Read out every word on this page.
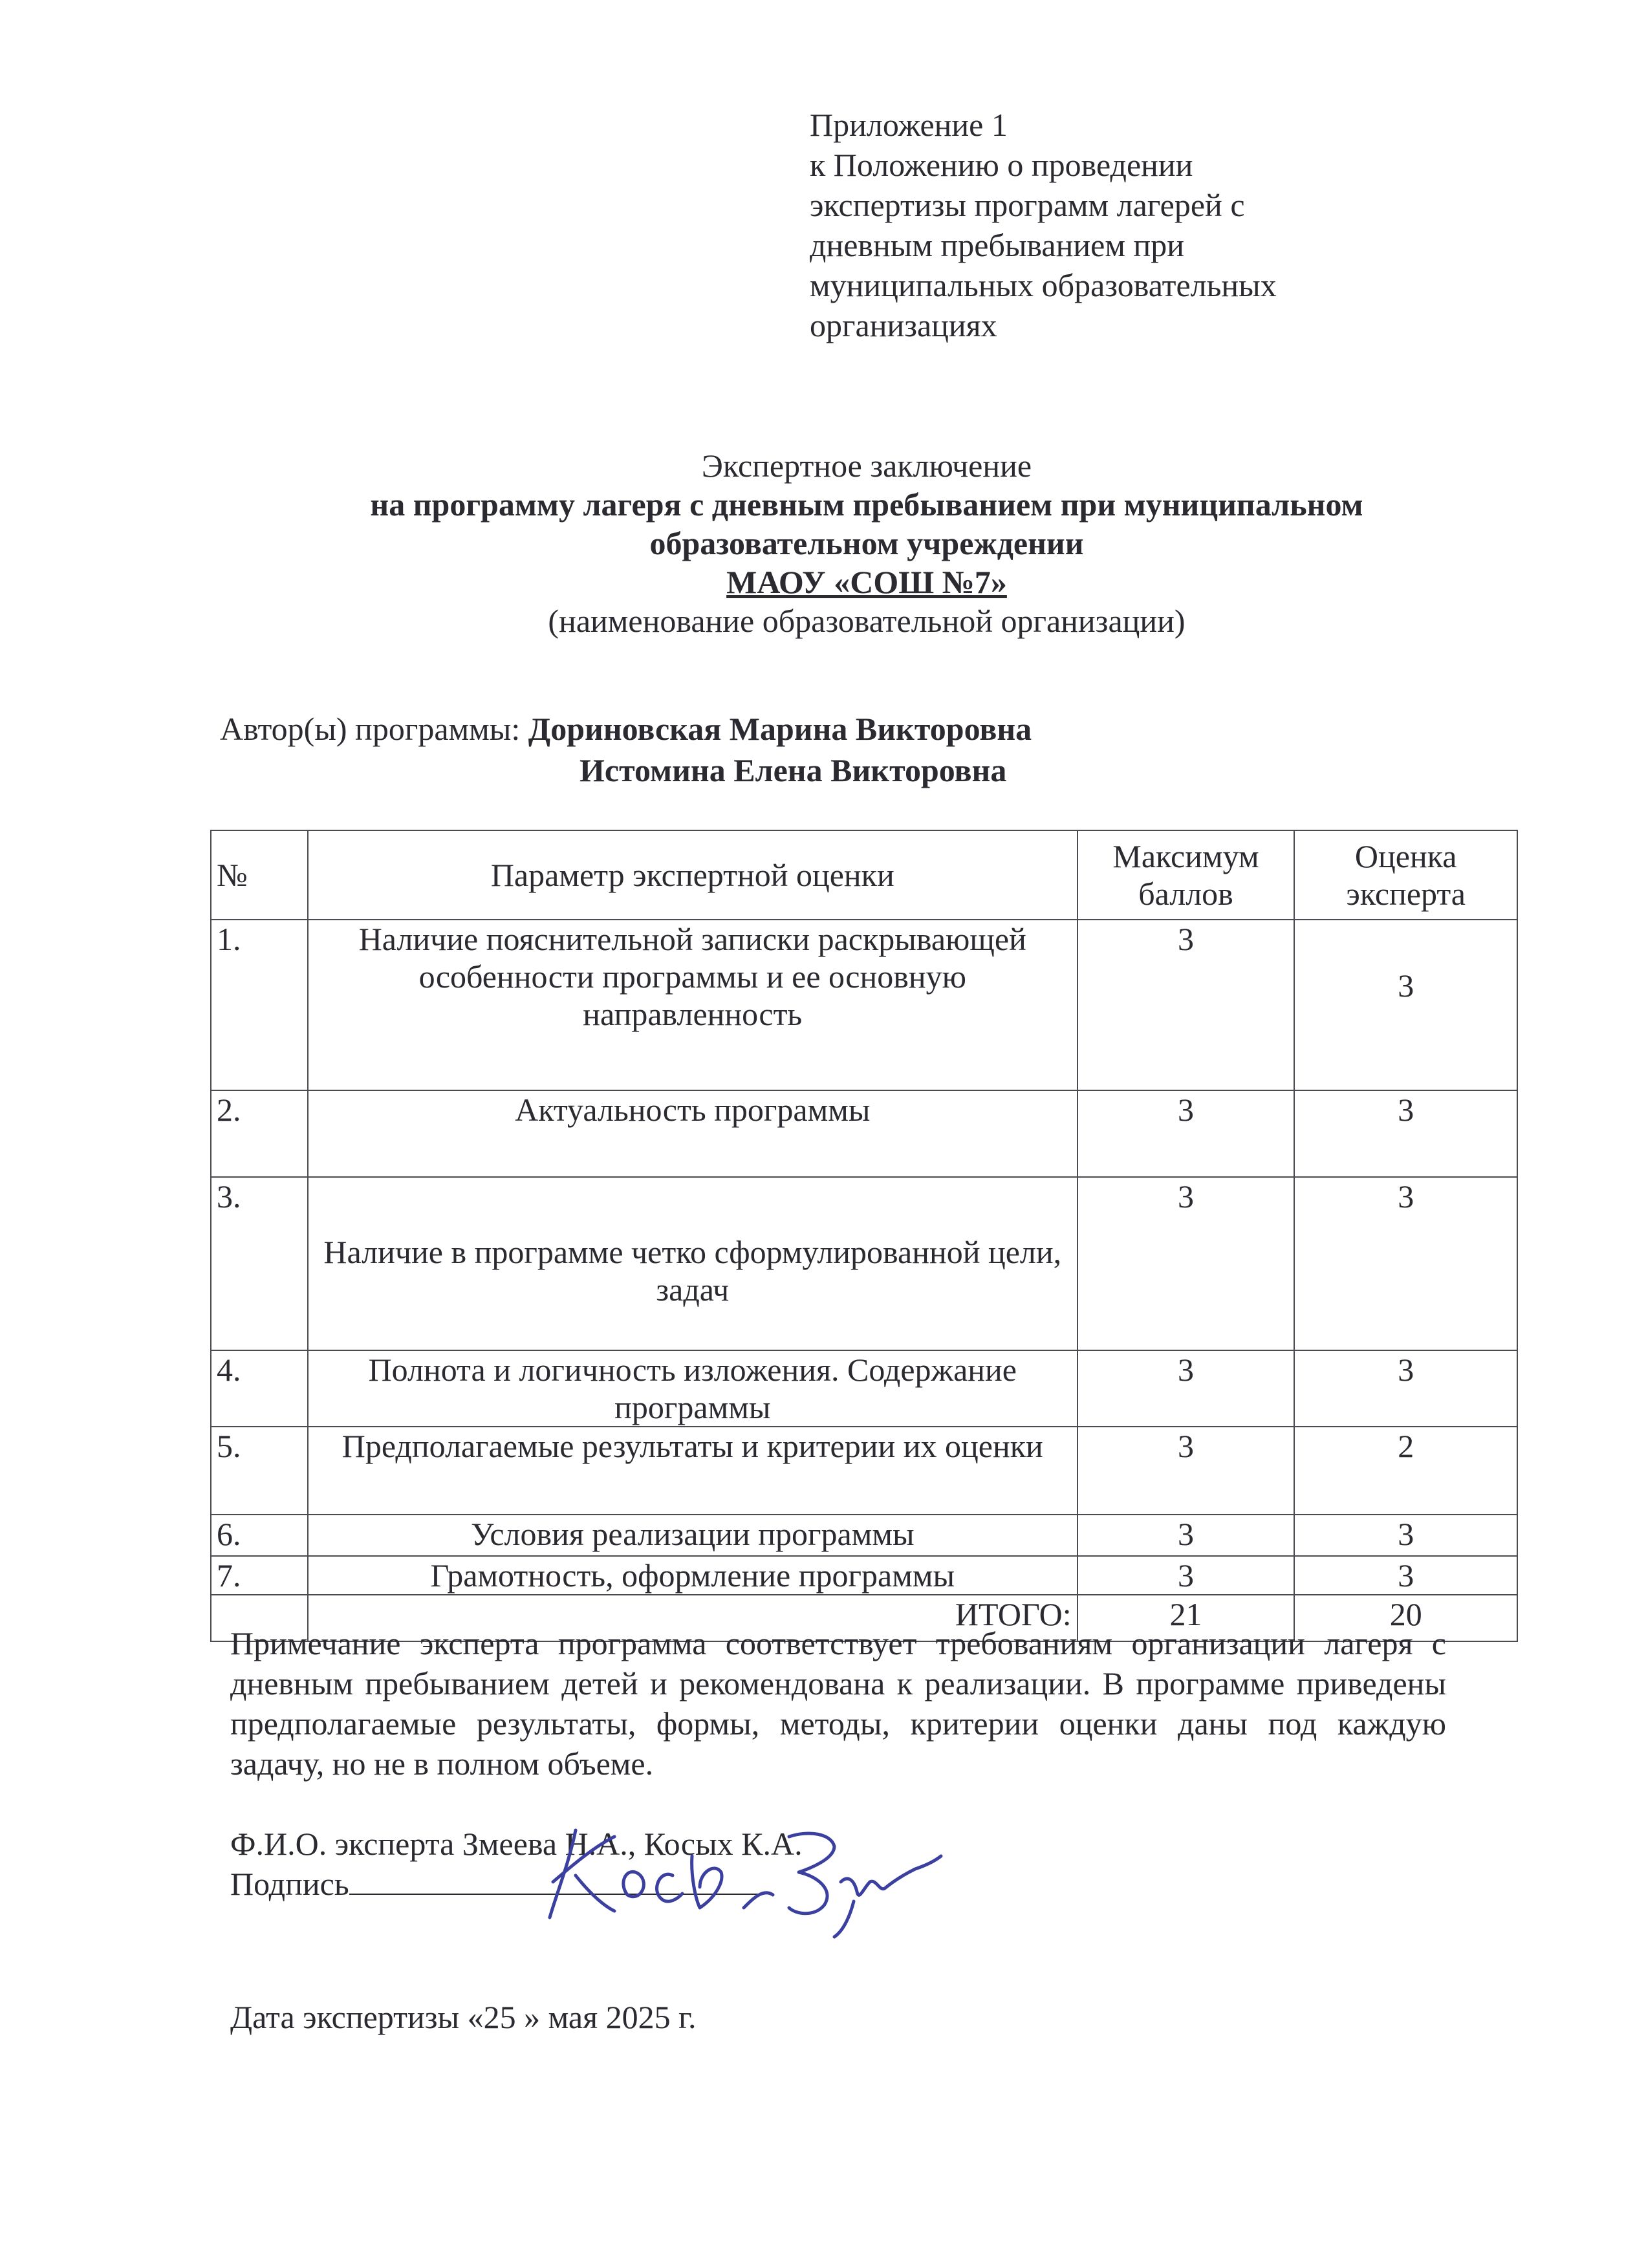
Приложение 1
к Положению о проведении
экспертизы программ лагерей с
дневным пребыванием при
муниципальных образовательных
организациях
Экспертное заключение
на программу лагеря с дневным пребыванием при муниципальном
образовательном учреждении
МАОУ «СОШ №7»
(наименование образовательной организации)
Автор(ы) программы: Дориновская Марина Викторовна
Истомина Елена Викторовна
№	Параметр экспертной оценки	Максимум баллов	Оценка эксперта
1.	Наличие пояснительной записки раскрывающей особенности программы и ее основную направленность	3	3
2.	Актуальность программы	3	3
3.	Наличие в программе четко сформулированной цели, задач	3	3
4.	Полнота и логичность изложения. Содержание программы	3	3
5.	Предполагаемые результаты и критерии их оценки	3	2
6.	Условия реализации программы	3	3
7.	Грамотность, оформление программы	3	3
	ИТОГО:	21	20
Примечание эксперта программа соответствует требованиям организации лагеря с дневным пребыванием детей и рекомендована к реализации. В программе приведены предполагаемые результаты, формы, методы, критерии оценки даны под каждую задачу, но не в полном объеме.
Ф.И.О. эксперта Змеева Н.А., Косых К.А.
Подпись
Дата экспертизы «25 » мая 2025 г.
